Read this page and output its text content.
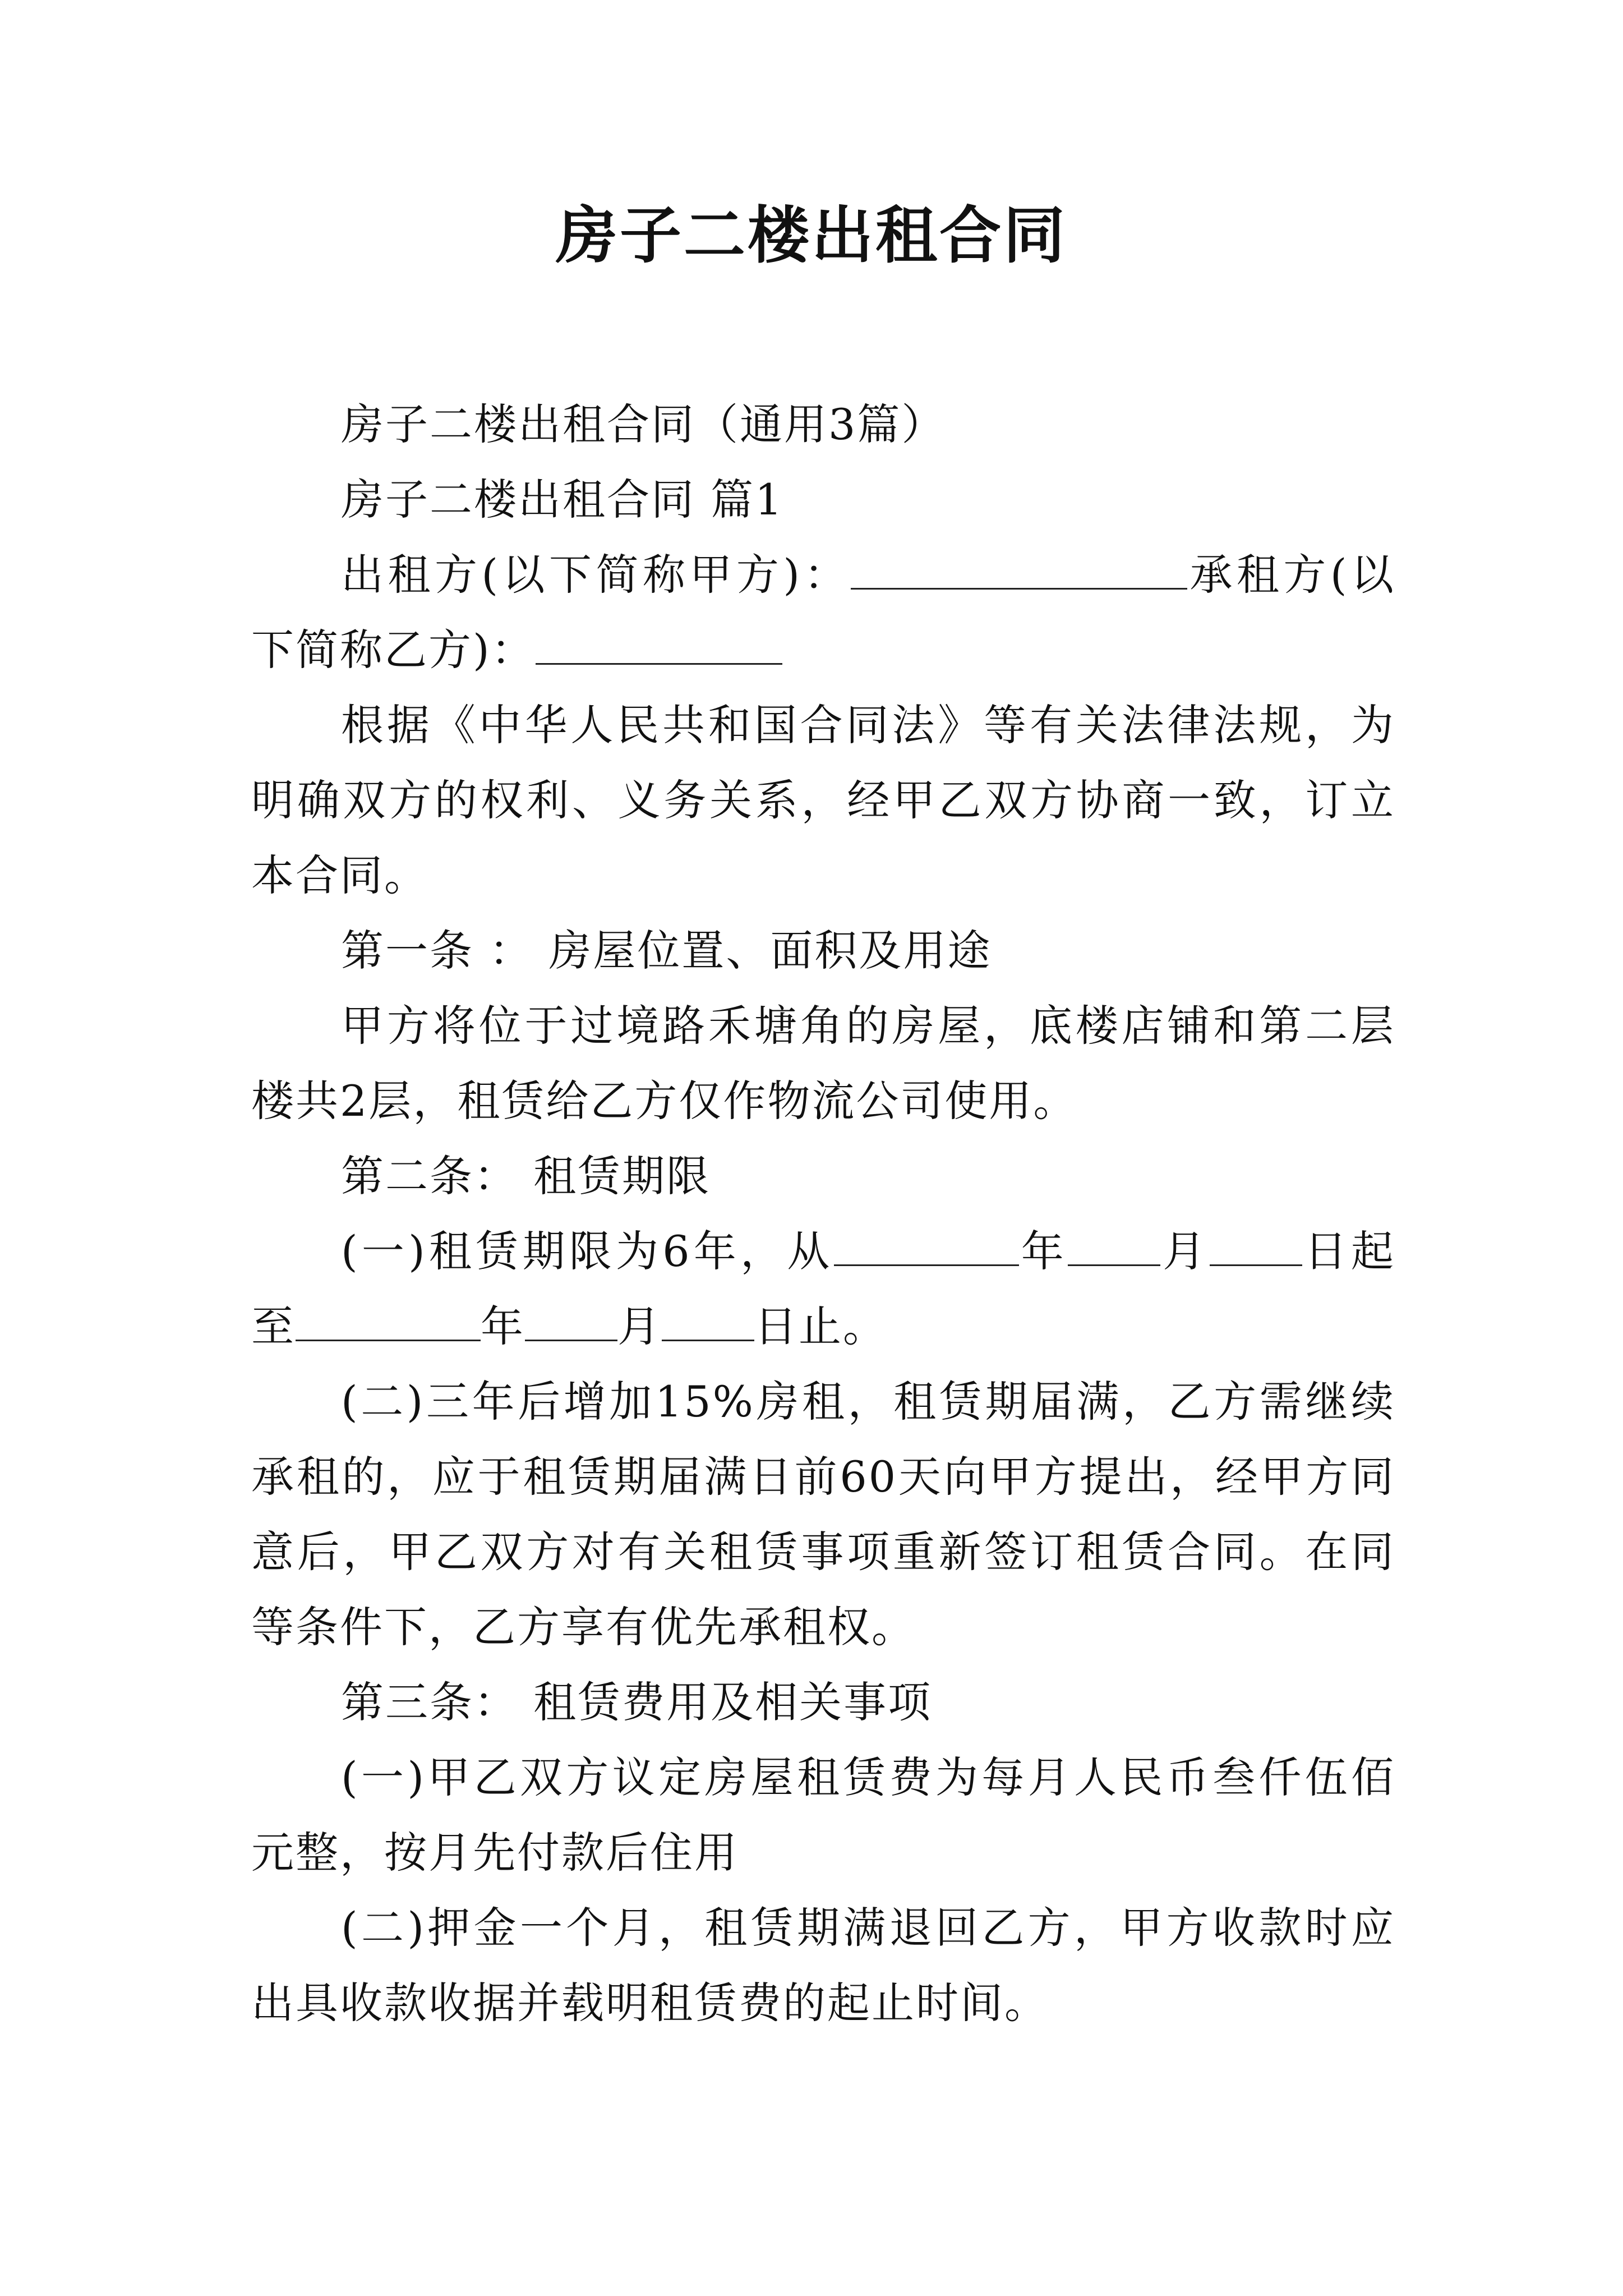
房子二楼出租合同

房子二楼出租合同（通用3篇）

房子二楼出租合同 篇1

出租方(以下简称甲方)：	承租方(以下简称乙方)：

根据《中华人民共和国合同法》等有关法律法规，为明确双方的权利、义务关系，经甲乙双方协商一致，订立本合同。

第一条 ： 房屋位置、面积及用途

甲方将位于过境路禾塘角的房屋，底楼店铺和第二层楼共2层，租赁给乙方仅作物流公司使用。

第二条： 租赁期限

(一)租赁期限为6年，从	年 月 日起至	年 月 日止。

(二)三年后增加15%房租，租赁期届满，乙方需继续承租的，应于租赁期届满日前60天向甲方提出，经甲方同意后，甲乙双方对有关租赁事项重新签订租赁合同。在同等条件下，乙方享有优先承租权。

第三条： 租赁费用及相关事项

(一)甲乙双方议定房屋租赁费为每月人民币叁仟伍佰元整，按月先付款后住用

(二)押金一个月，租赁期满退回乙方，甲方收款时应出具收款收据并载明租赁费的起止时间。
